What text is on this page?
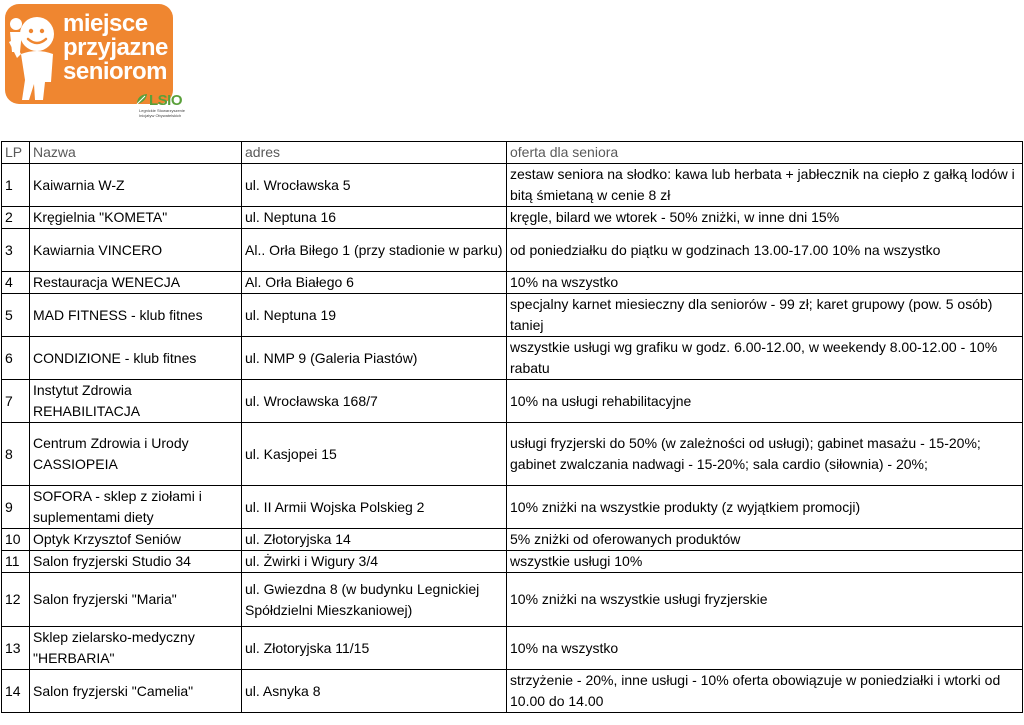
miejsce
przyjazne
seniorom
LSIO
Legnickie Stowarzyszenie Inicjatyw Obywatelskich
LP	Nazwa	adres	oferta dla seniora
1	Kaiwarnia W-Z	ul. Wrocławska 5	zestaw seniora na słodko: kawa lub herbata + jabłecznik na ciepło z gałką lodów i bitą śmietaną w cenie 8 zł
2	Kręgielnia "KOMETA"	ul. Neptuna 16	kręgle, bilard we wtorek - 50% zniżki, w inne dni 15%
3	Kawiarnia VINCERO	Al.. Orła Biłego 1 (przy stadionie w parku)	od poniedziałku do piątku w godzinach 13.00-17.00 10% na wszystko
4	Restauracja WENECJA	Al. Orła Białego 6	10% na wszystko
5	MAD FITNESS - klub fitnes	ul. Neptuna 19	specjalny karnet miesieczny dla seniorów - 99 zł; karet grupowy (pow. 5 osób) taniej
6	CONDIZIONE - klub fitnes	ul. NMP 9 (Galeria Piastów)	wszystkie usługi wg grafiku w godz. 6.00-12.00, w weekendy 8.00-12.00 - 10% rabatu
7	Instytut Zdrowia REHABILITACJA	ul. Wrocławska 168/7	10% na usługi rehabilitacyjne
8	Centrum Zdrowia i Urody CASSIOPEIA	ul. Kasjopei 15	usługi fryzjerski do 50% (w zależności od usługi); gabinet masażu - 15-20%; gabinet zwalczania nadwagi - 15-20%; sala cardio (siłownia) - 20%;
9	SOFORA - sklep z ziołami i suplementami diety	ul. II Armii Wojska Polskieg 2	10% zniżki na wszystkie produkty (z wyjątkiem promocji)
10	Optyk Krzysztof Seniów	ul. Złotoryjska 14	5% zniżki od oferowanych produktów
11	Salon fryzjerski Studio 34	ul. Żwirki i Wigury 3/4	wszystkie usługi 10%
12	Salon fryzjerski "Maria"	ul. Gwiezdna 8 (w budynku Legnickiej Spółdzielni Mieszkaniowej)	10% zniżki na wszystkie usługi fryzjerskie
13	Sklep zielarsko-medyczny "HERBARIA"	ul. Złotoryjska 11/15	10% na wszystko
14	Salon fryzjerski "Camelia"	ul. Asnyka 8	strzyżenie - 20%, inne usługi - 10% oferta obowiązuje w poniedziałki i wtorki od 10.00 do 14.00
